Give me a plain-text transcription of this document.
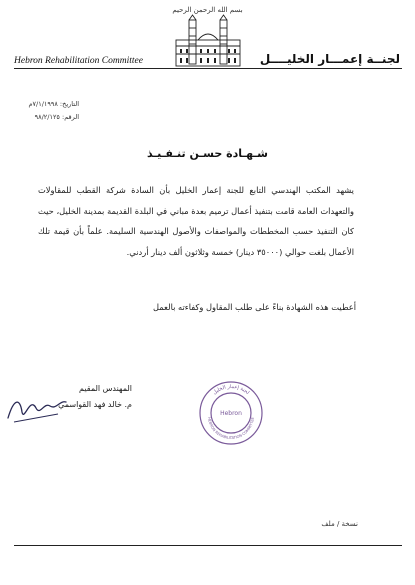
بسم الله الرحمن الرحيم
Hebron Rehabilitation Committee	لجنــة إعمـــار الخليــــل
التاريخ: ٧/١/١٩٩٨م
الرقم: ٩٨/٢/١٢٥
شـهـادة حسـن تنـفـيـذ
يشهد المكتب الهندسي التابع للجنة إعمار الخليل بأن السادة شركة القطب للمقاولات والتعهدات العامة قامت بتنفيذ أعمال ترميم بعدة مباني في البلدة القديمة بمدينة الخليل، حيث كان التنفيذ حسب المخططات والمواصفات والأصول الهندسية السليمة. علماً بأن قيمة تلك الأعمال بلغت حوالي (٣٥٠٠٠ دينار) خمسة وثلاثون ألف دينار أردني.
أعطيت هذه الشهادة بناءً على طلب المقاول وكفاءته بالعمل
المهندس المقيم
م. خالد فهد القواسمي
لجنة إعمار الخليل
HEBRON REHABILITATION COMMITTEE
Hebron
نسخة / ملف
